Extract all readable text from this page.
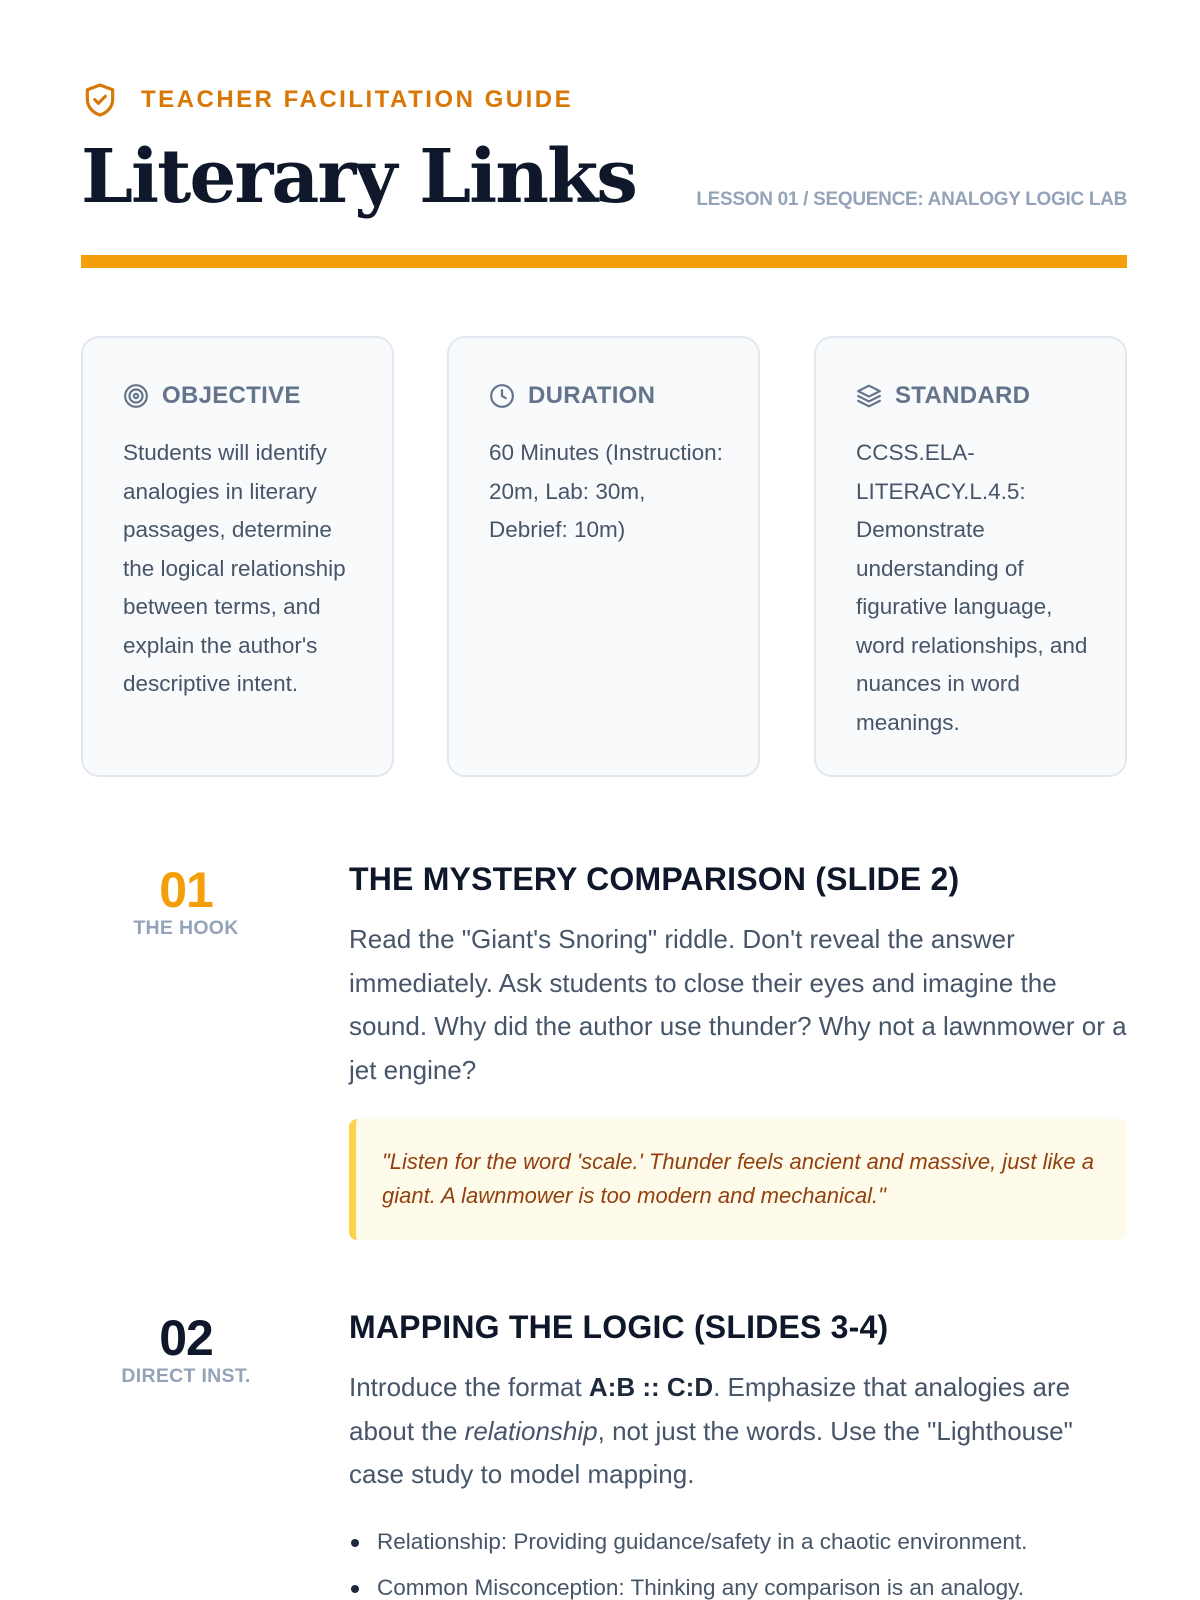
TEACHER FACILITATION GUIDE
Literary Links	LESSON 01 / SEQUENCE: ANALOGY LOGIC LAB
OBJECTIVE

Students will identify analogies in literary passages, determine the logical relationship between terms, and explain the author's descriptive intent.

DURATION

60 Minutes (Instruction: 20m, Lab: 30m, Debrief: 10m)

STANDARD

CCSS.ELA-LITERACY.L.4.5: Demonstrate understanding of figurative language, word relationships, and nuances in word meanings.

01
THE HOOK
THE MYSTERY COMPARISON (SLIDE 2)

Read the "Giant's Snoring" riddle. Don't reveal the answer immediately. Ask students to close their eyes and imagine the sound. Why did the author use thunder? Why not a lawnmower or a jet engine?

"Listen for the word 'scale.' Thunder feels ancient and massive, just like a giant. A lawnmower is too modern and mechanical."

02
DIRECT INST.
MAPPING THE LOGIC (SLIDES 3-4)

Introduce the format A:B :: C:D. Emphasize that analogies are about the relationship, not just the words. Use the "Lighthouse" case study to model mapping.

Relationship: Providing guidance/safety in a chaotic environment.
Common Misconception: Thinking any comparison is an analogy.
